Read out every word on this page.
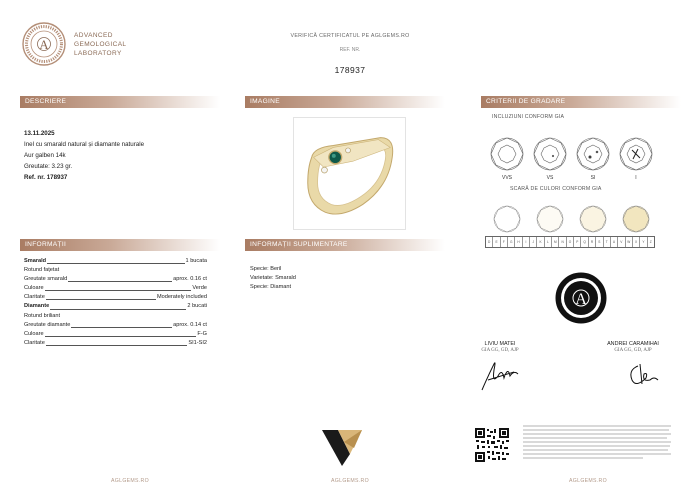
A
ADVANCED
GEMOLOGICAL
LABORATORY
VERIFICĂ CERTIFICATUL PE AGLGEMS.RO
REF. NR.
178937
DESCRIERE	IMAGINE	CRITERII DE GRADARE
INFORMAȚII	INFORMAȚII SUPLIMENTARE
13.11.2025
Inel cu smarald natural și diamante naturale
Aur galben 14k
Greutate: 3.23 gr.
Ref. nr. 178937
Smarald	1 bucata
Rotund fațetat
Greutate smarald	aprox. 0.16 ct
Culoare	Verde
Claritate	Moderately included
Diamante	2 bucati
Rotund briliant
Greutate diamante	aprox. 0.14 ct
Culoare	F-G
Claritate	SI1-SI2
Specie: Beril
Varietate: Smarald
Specie: Diamant
INCLUZIUNI CONFORM GIA
VVS	VS	SI	I
SCARĂ DE CULORI CONFORM GIA
D	E	F	G	H	I	J	K	L	M	N	O	P	Q	R	S	T	U	V	W	X	Y	Z
A
LIVIU MATEI
GIA GG, GD, AJP
ANDREI CARAMIHAI
GIA GG, GD, AJP
AGLGEMS.RO	AGLGEMS.RO	AGLGEMS.RO
